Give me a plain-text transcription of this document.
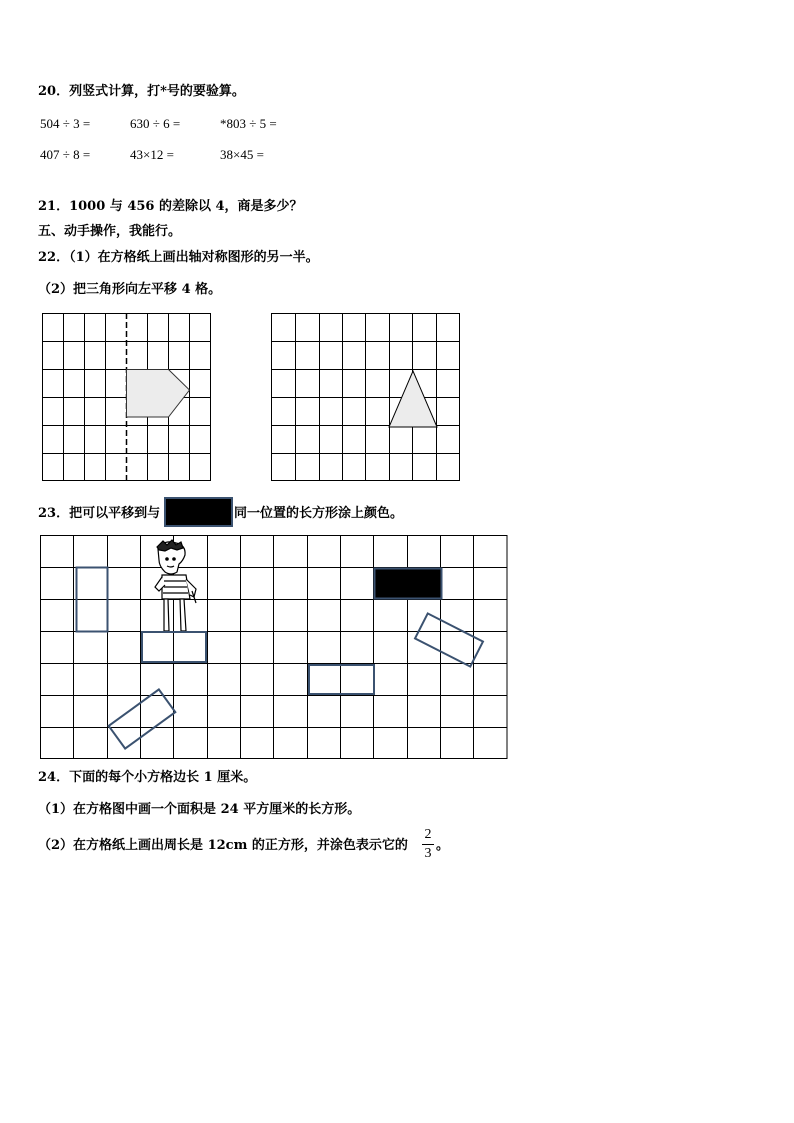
20．列竖式计算，打*号的要验算。
504 ÷ 3 =	630 ÷ 6 =	*803 ÷ 5 =
407 ÷ 8 =	43×12 =	38×45 =
21．1000 与 456 的差除以 4，商是多少？
五、动手操作，我能行。
22．（1）在方格纸上画出轴对称图形的另一半。
（2）把三角形向左平移 4 格。
23．把可以平移到与	同一位置的长方形涂上颜色。
24．下面的每个小方格边长 1 厘米。
（1）在方格图中画一个面积是 24 平方厘米的长方形。
（2）在方格纸上画出周长是 12cm 的正方形，并涂色表示它的
2
3
。
